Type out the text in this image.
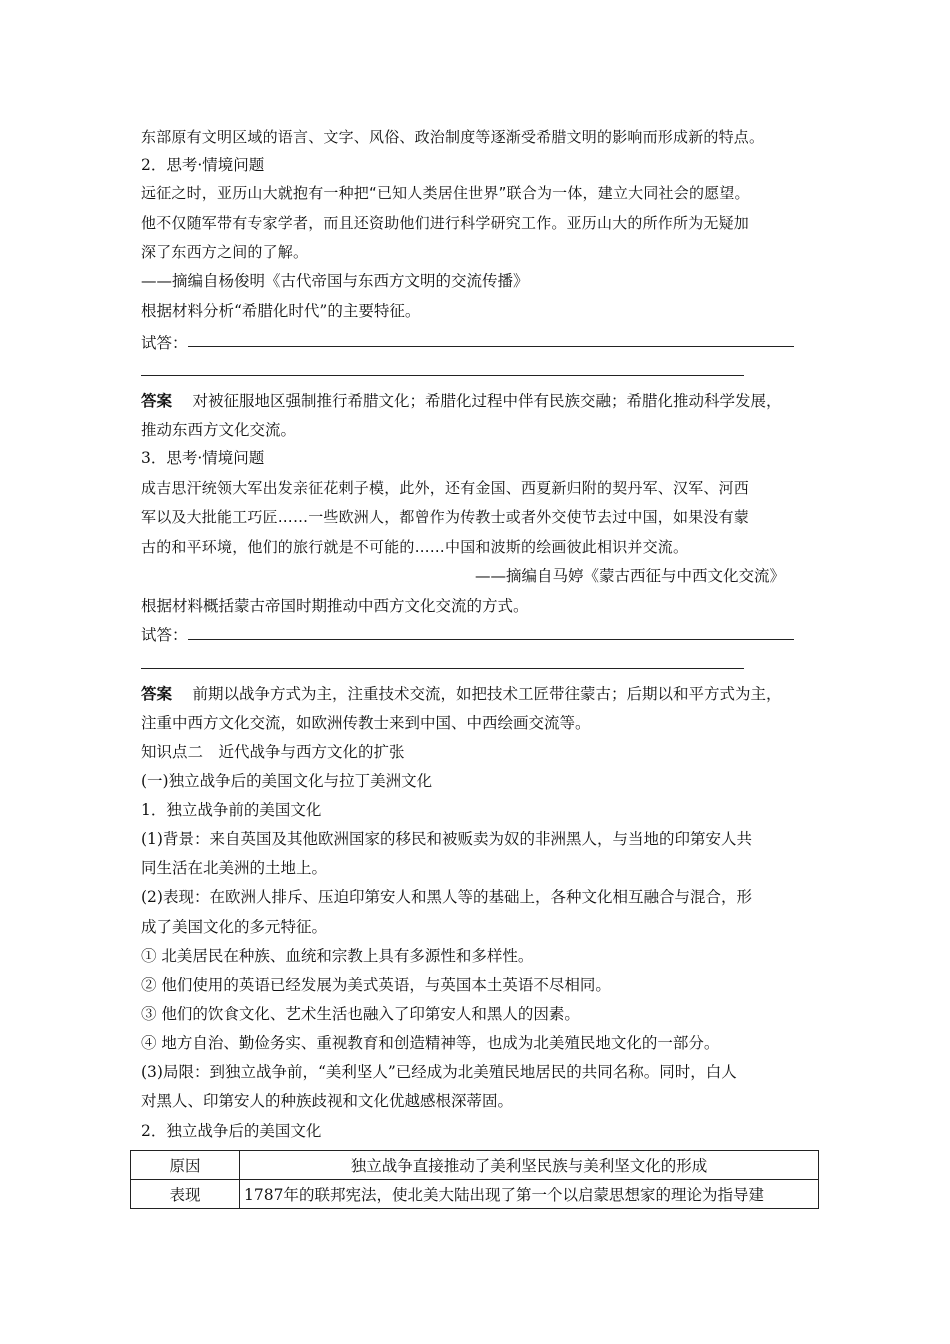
东部原有文明区域的语言、文字、风俗、政治制度等逐渐受希腊文明的影响而形成新的特点。
2．思考·情境问题
远征之时，亚历山大就抱有一种把“已知人类居住世界”联合为一体，建立大同社会的愿望。
他不仅随军带有专家学者，而且还资助他们进行科学研究工作。亚历山大的所作所为无疑加
深了东西方之间的了解。
——摘编自杨俊明《古代帝国与东西方文明的交流传播》
根据材料分析“希腊化时代”的主要特征。
试答：
答案　 对被征服地区强制推行希腊文化；希腊化过程中伴有民族交融；希腊化推动科学发展，
推动东西方文化交流。
3．思考·情境问题
成吉思汗统领大军出发亲征花剌子模，此外，还有金国、西夏新归附的契丹军、汉军、河西
军以及大批能工巧匠……一些欧洲人，都曾作为传教士或者外交使节去过中国，如果没有蒙
古的和平环境，他们的旅行就是不可能的……中国和波斯的绘画彼此相识并交流。
——摘编自马婷《蒙古西征与中西文化交流》
根据材料概括蒙古帝国时期推动中西方文化交流的方式。
试答：
答案　 前期以战争方式为主，注重技术交流，如把技术工匠带往蒙古；后期以和平方式为主，
注重中西方文化交流，如欧洲传教士来到中国、中西绘画交流等。
知识点二　近代战争与西方文化的扩张
(一)独立战争后的美国文化与拉丁美洲文化
1．独立战争前的美国文化
(1)背景：来自英国及其他欧洲国家的移民和被贩卖为奴的非洲黑人，与当地的印第安人共
同生活在北美洲的土地上。
(2)表现：在欧洲人排斥、压迫印第安人和黑人等的基础上，各种文化相互融合与混合，形
成了美国文化的多元特征。
① 北美居民在种族、血统和宗教上具有多源性和多样性。
② 他们使用的英语已经发展为美式英语，与英国本土英语不尽相同。
③ 他们的饮食文化、艺术生活也融入了印第安人和黑人的因素。
④ 地方自治、勤俭务实、重视教育和创造精神等，也成为北美殖民地文化的一部分。
(3)局限：到独立战争前，“美利坚人”已经成为北美殖民地居民的共同名称。同时，白人
对黑人、印第安人的种族歧视和文化优越感根深蒂固。
2．独立战争后的美国文化
原因	独立战争直接推动了美利坚民族与美利坚文化的形成
表现	1787年的联邦宪法，使北美大陆出现了第一个以启蒙思想家的理论为指导建
